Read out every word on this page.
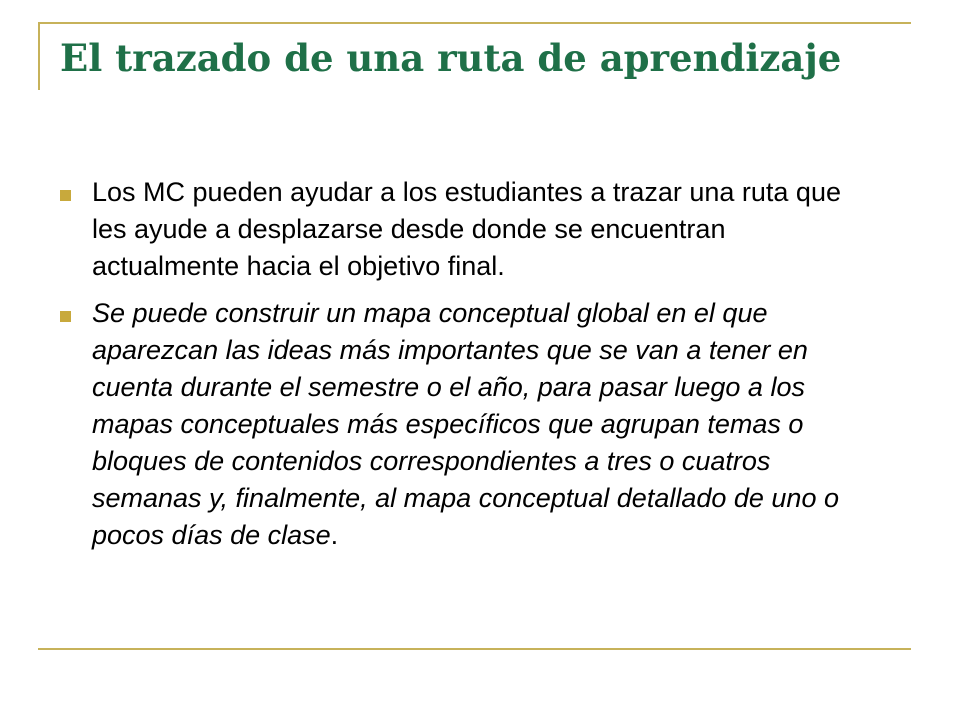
El trazado de una ruta de aprendizaje
Los MC pueden ayudar a los estudiantes a trazar una ruta que les ayude a desplazarse desde donde se encuentran actualmente hacia el objetivo final.
Se puede construir un mapa conceptual global en el que aparezcan las ideas más importantes que se van a tener en cuenta durante el semestre o el año, para pasar luego a los mapas conceptuales más específicos que agrupan temas o bloques de contenidos correspondientes a tres o cuatros semanas y, finalmente, al mapa conceptual detallado de uno o pocos días de clase.
